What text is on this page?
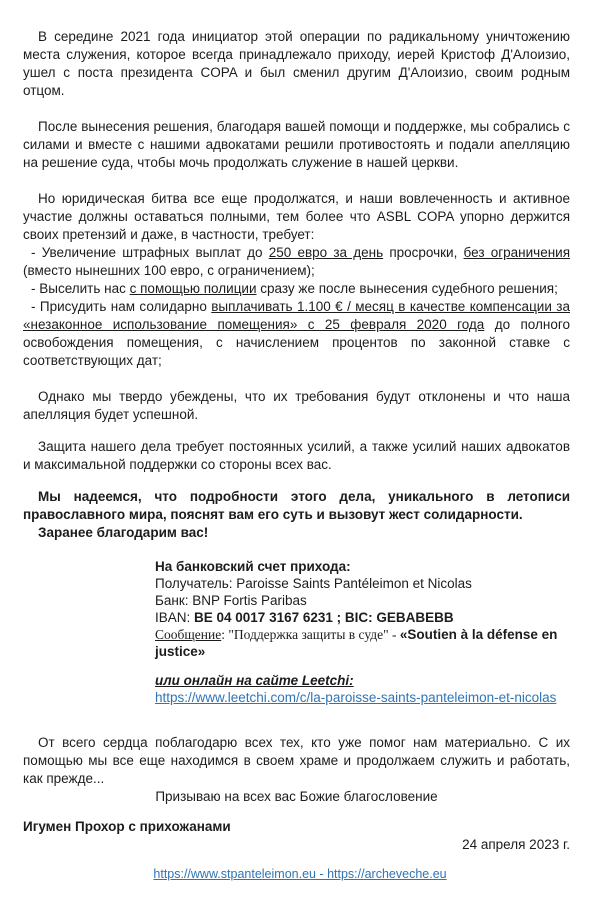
В середине 2021 года инициатор этой операции по радикальному уничтожению места служения, которое всегда принадлежало приходу, иерей Кристоф Д'Алоизио, ушел с поста президента COPA и был сменил другим Д'Алоизио, своим родным отцом.

После вынесения решения, благодаря вашей помощи и поддержке, мы собрались с силами и вместе с нашими адвокатами решили противостоять и подали апелляцию на решение суда, чтобы мочь продолжать служение в нашей церкви.

Но юридическая битва все еще продолжатся, и наши вовлеченность и активное участие должны оставаться полными, тем более что ASBL COPA упорно держится своих претензий и даже, в частности, требует:

- Увеличение штрафных выплат до 250 евро за день просрочки, без ограничения (вместо нынешних 100 евро, с ограничением);

- Выселить нас с помощью полиции сразу же после вынесения судебного решения;

- Присудить нам солидарно выплачивать 1.100 € / месяц в качестве компенсации за «незаконное использование помещения» с 25 февраля 2020 года до полного освобождения помещения, с начислением процентов по законной ставке с соответствующих дат;

Однако мы твердо убеждены, что их требования будут отклонены и что наша апелляция будет успешной.

Защита нашего дела требует постоянных усилий, а также усилий наших адвокатов и максимальной поддержки со стороны всех вас.

Мы надеемся, что подробности этого дела, уникального в летописи православного мира, пояснят вам его суть и вызовут жест солидарности.

Заранее благодарим вас!

На банковский счет прихода:

Получатель: Paroisse Saints Pantéleimon et Nicolas

Банк: BNP Fortis Paribas

IBAN: BE 04 0017 3167 6231 ; BIC: GEBABEBB

Сообщение: "Поддержка защиты в суде" - «Soutien à la défense en justice»

или онлайн на сайте Leetchi:

https://www.leetchi.com/c/la-paroisse-saints-panteleimon-et-nicolas

От всего сердца поблагодарю всех тех, кто уже помог нам материально. С их помощью мы все еще находимся в своем храме и продолжаем служить и работать, как прежде...

Призываю на всех вас Божие благословение

Игумен Прохор с прихожанами

24 апреля 2023 г.

https://www.stpanteleimon.eu - https://archeveche.eu
